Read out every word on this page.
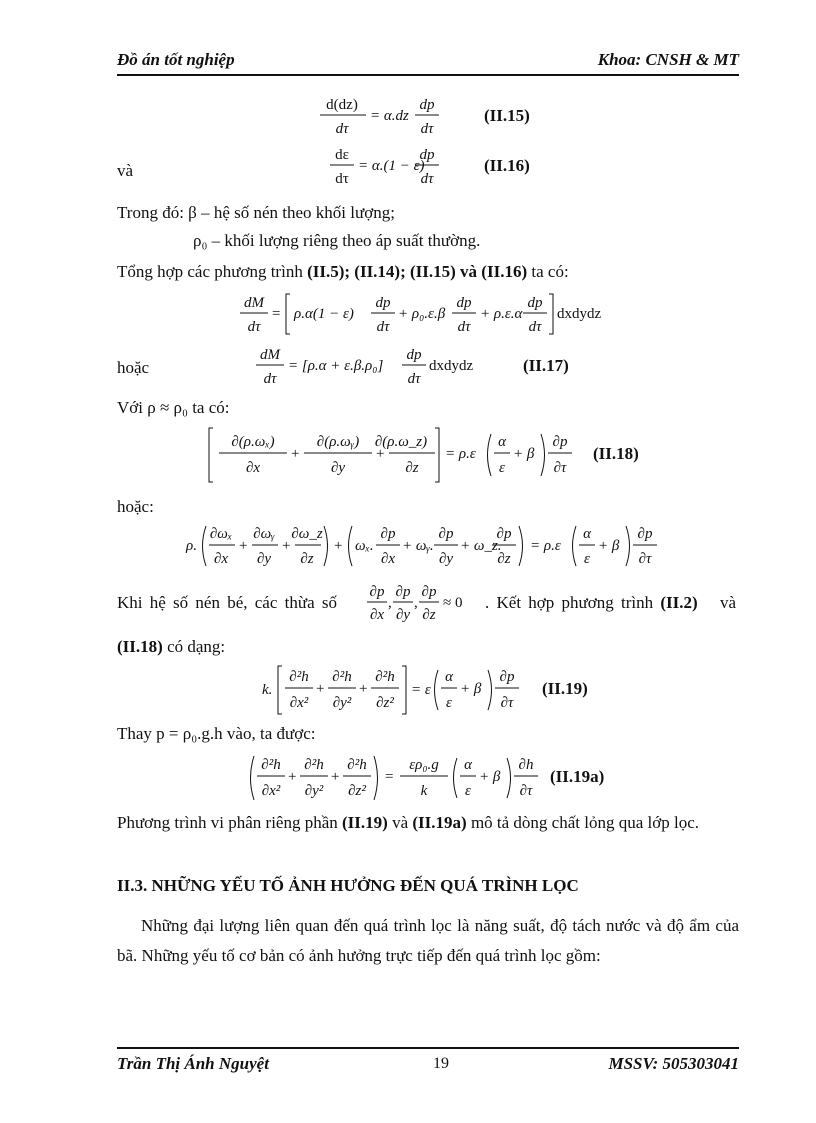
Đồ án tốt nghiệp	Khoa: CNSH & MT
d(dz)
dτ
= α.dz
dp
dτ
(II.15)
và
dε
dτ
= α.(1 − ε)
dp
dτ
(II.16)
Trong đó: β – hệ số nén theo khối lượng;
ρ₀ – khối lượng riêng theo áp suất thường.
Tổng hợp các phương trình (II.5); (II.14); (II.15) và (II.16) ta có:
dM
dτ
= ρ.α(1 − ε)
dp
dτ
+ ρ₀.ε.β
dp
dτ
+ ρ.ε.α
dp
dτ
dxdydz
hoặc
dM
dτ
= [ρ.α + ε.β.ρ₀]
dp
dτ
dxdydz	(II.17)
Với ρ ≈ ρ₀ ta có:
∂(ρ.ωₓ)
∂x
+
∂(ρ.ωᵧ)
∂y
+
∂(ρ.ω_z)
∂z
= ρ.ε
α
ε
+ β
∂p
∂τ
(II.18)
hoặc:
ρ.
∂ωₓ
∂x
+
∂ωᵧ
∂y
+
∂ω_z
∂z
+ ωₓ.
∂p
∂x
+ ωᵧ.
∂p
∂y
+ ω_z.
∂p
∂z
= ρ.ε
α
ε
+ β
∂p
∂τ
Khi hệ số nén bé, các thừa số
∂p
∂x
,
∂p
∂y
,
∂p
∂z
≈ 0 . Kết hợp phương trình (II.2) và
(II.18) có dạng:
k.
∂²h
∂x²
+
∂²h
∂y²
+
∂²h
∂z²
= ε
α
ε
+ β
∂p
∂τ
(II.19)
Thay p = ρ₀.g.h vào, ta được:
∂²h
∂x²
+
∂²h
∂y²
+
∂²h
∂z²
=
ερ₀.g
k
α
ε
+ β
∂h
∂τ
(II.19a)
Phương trình vi phân riêng phần (II.19) và (II.19a) mô tả dòng chất lỏng qua lớp lọc.
II.3. NHỮNG YẾU TỐ ẢNH HƯỞNG ĐẾN QUÁ TRÌNH LỌC
Những đại lượng liên quan đến quá trình lọc là năng suất, độ tách nước và độ ẩm của bã. Những yếu tố cơ bản có ảnh hưởng trực tiếp đến quá trình lọc gồm:
Trần Thị Ánh Nguyệt	19	MSSV: 505303041
